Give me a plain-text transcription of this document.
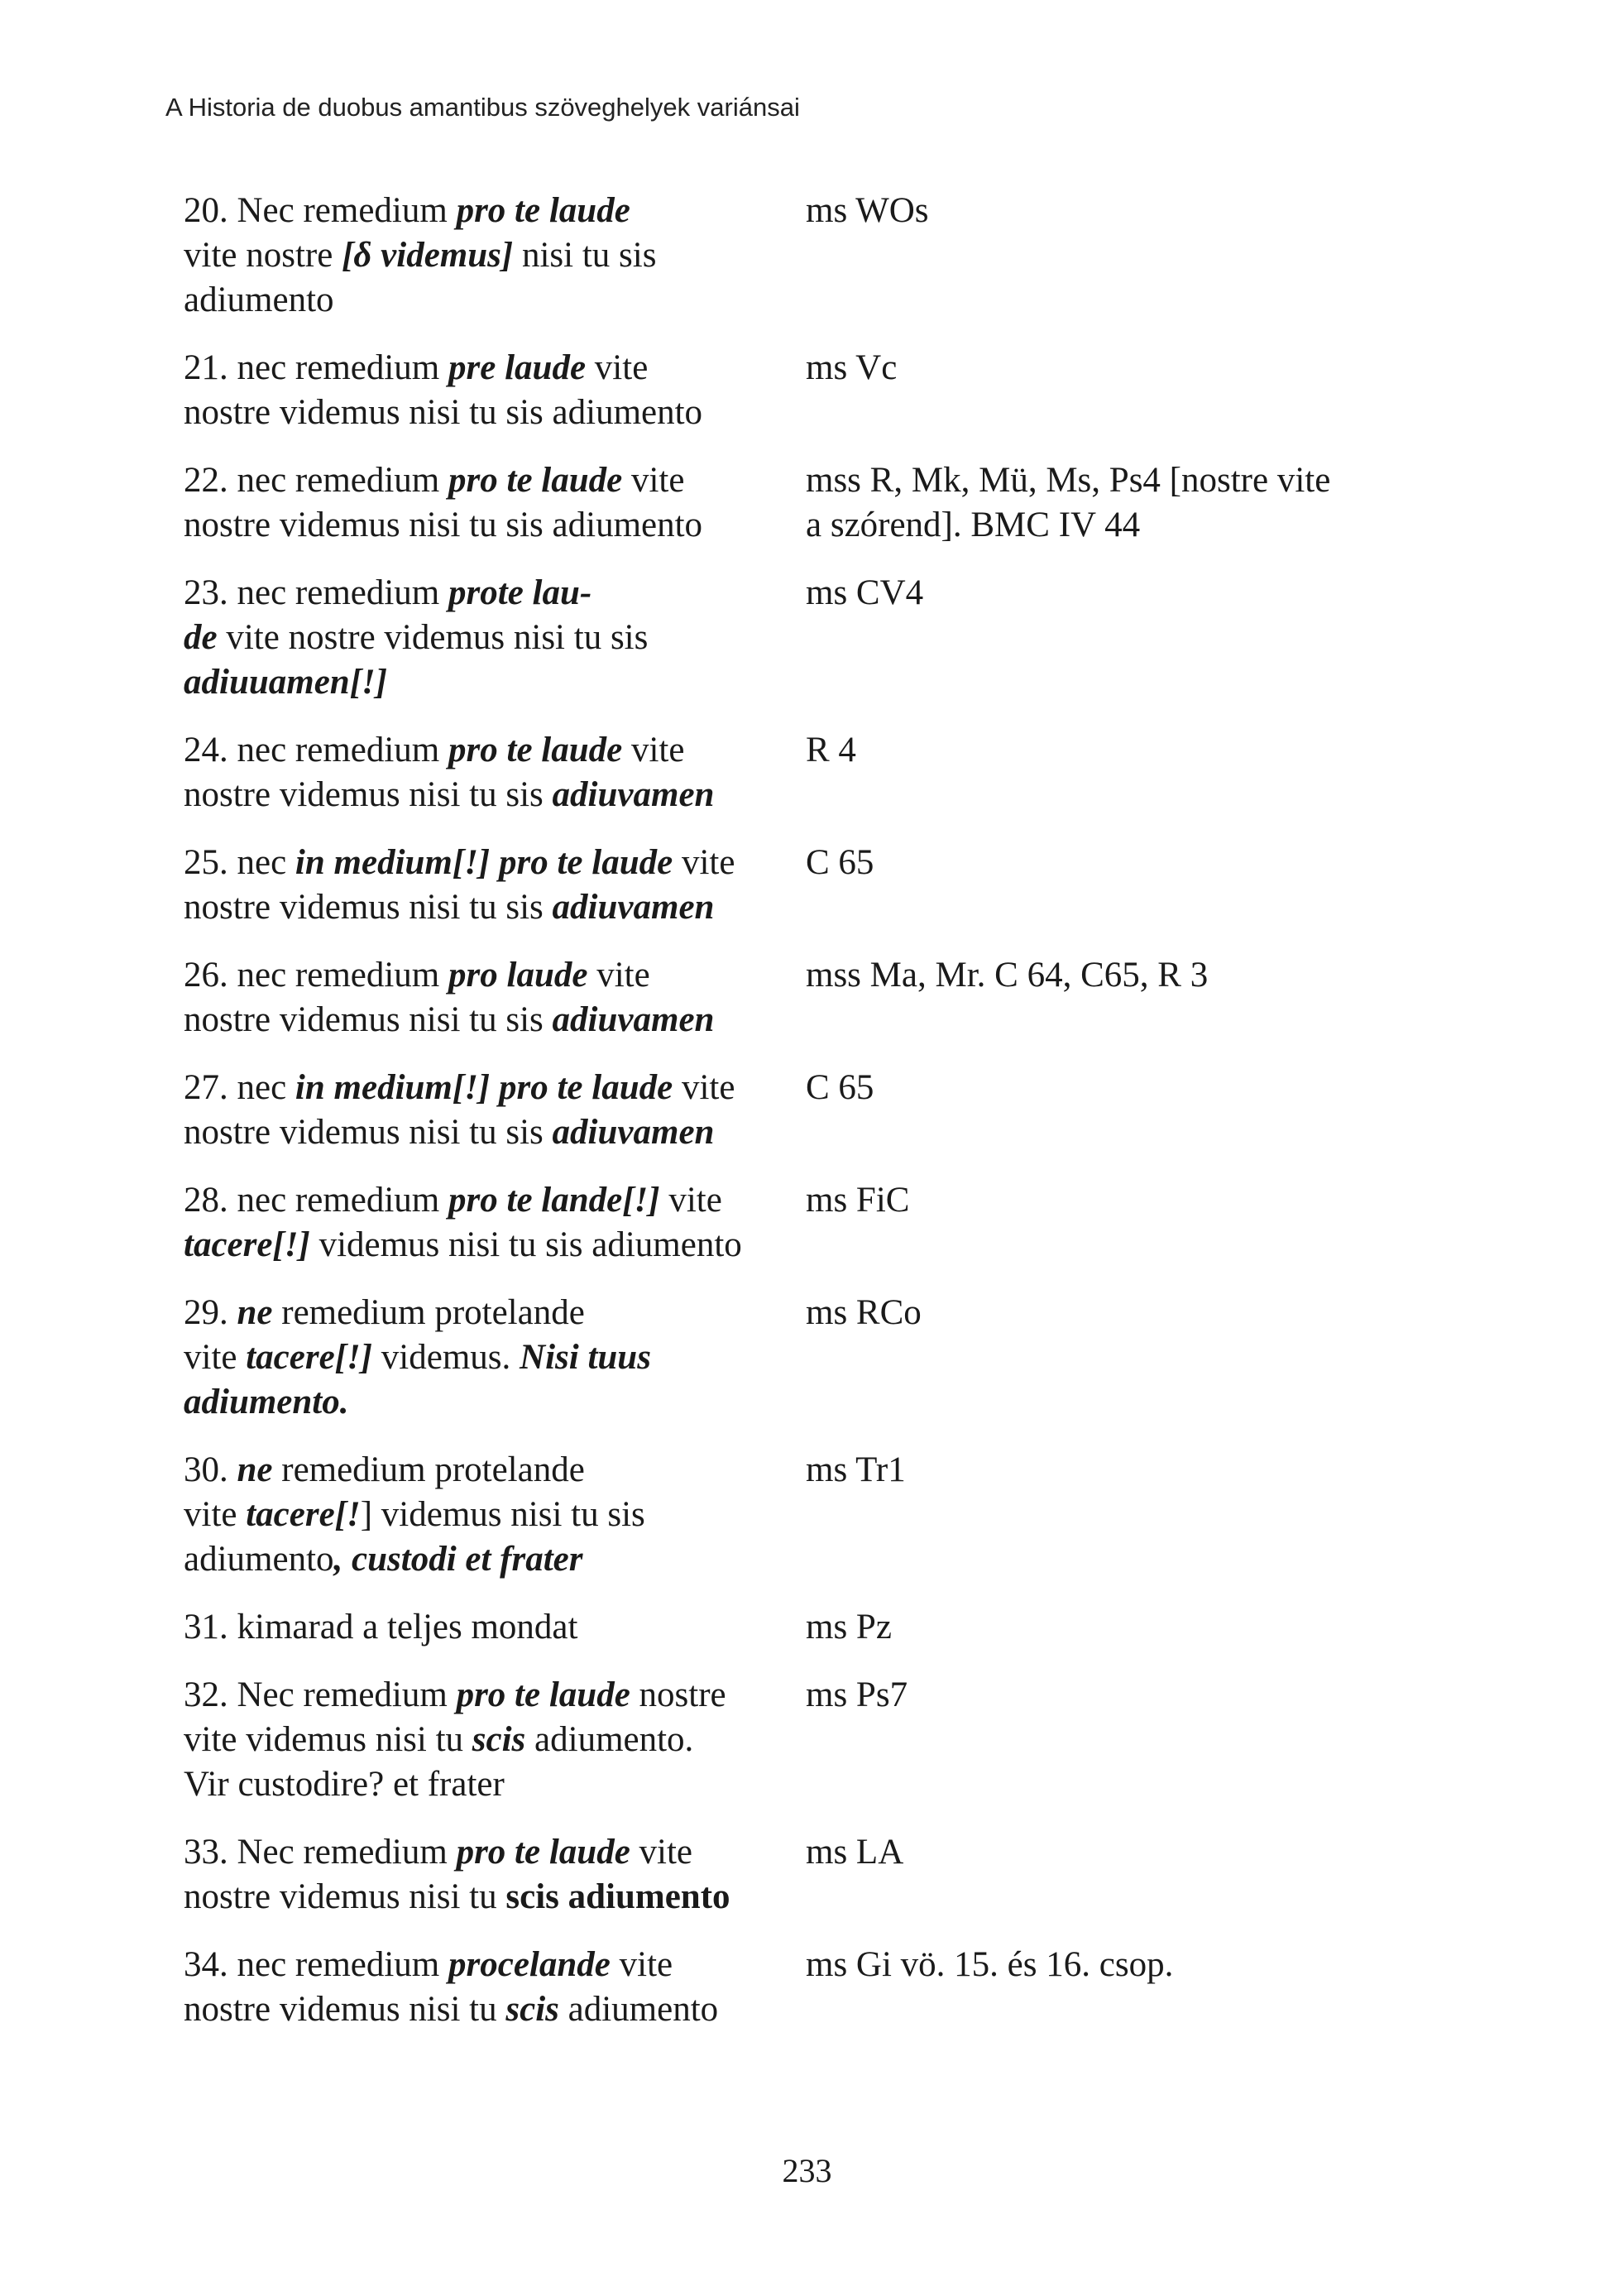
A Historia de duobus amantibus szöveghelyek variánsai
20. Nec remedium pro te laude
vite nostre [δ videmus] nisi tu sis
adiumento
ms WOs
21. nec remedium pre laude vite
nostre videmus nisi tu sis adiumento
ms Vc
22. nec remedium pro te laude vite
nostre videmus nisi tu sis adiumento
mss R, Mk, Mü, Ms, Ps4 [nostre vite
a szórend]. BMC IV 44
23. nec remedium prote lau-
de vite nostre videmus nisi tu sis
adiuuamen[!]
ms CV4
24. nec remedium pro te laude vite
nostre videmus nisi tu sis adiuvamen
R 4
25. nec in medium[!] pro te laude vite
nostre videmus nisi tu sis adiuvamen
C 65
26. nec remedium pro laude vite
nostre videmus nisi tu sis adiuvamen
mss Ma, Mr. C 64, C65, R 3
27. nec in medium[!] pro te laude vite
nostre videmus nisi tu sis adiuvamen
C 65
28. nec remedium pro te lande[!] vite
tacere[!] videmus nisi tu sis adiumento
ms FiC
29. ne remedium protelande
vite tacere[!] videmus. Nisi tuus
adiumento.
ms RCo
30. ne remedium protelande
vite tacere[!] videmus nisi tu sis
adiumento, custodi et frater
ms Tr1
31. kimarad a teljes mondat	ms Pz
32. Nec remedium pro te laude nostre
vite videmus nisi tu scis adiumento.
Vir custodire? et frater
ms Ps7
33. Nec remedium pro te laude vite
nostre videmus nisi tu scis adiumento
ms LA
34. nec remedium procelande vite
nostre videmus nisi tu scis adiumento
ms Gi vö. 15. és 16. csop.
233
